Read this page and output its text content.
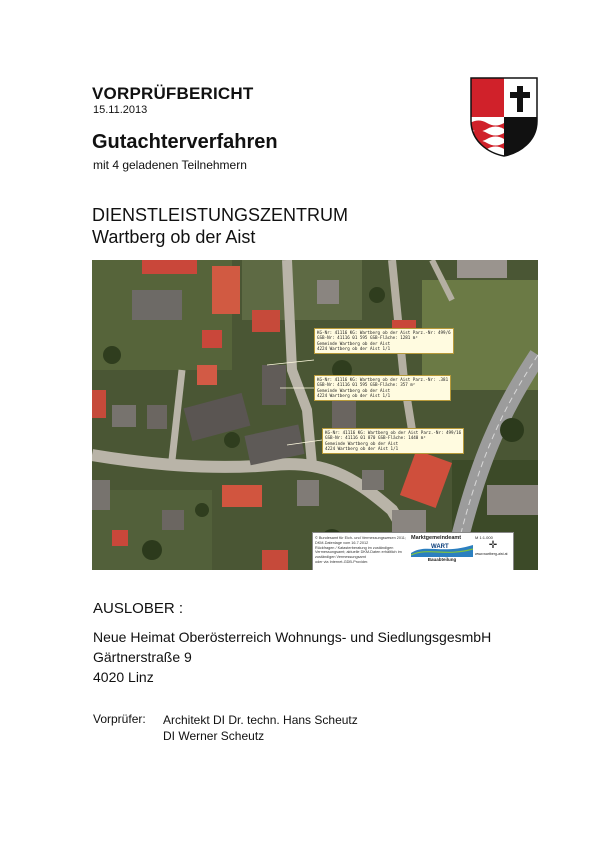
VORPRÜFBERICHT
15.11.2013
Gutachterverfahren
mit 4 geladenen Teilnehmern
DIENSTLEISTUNGSZENTRUM
Wartberg ob der Aist
KG-Nr: 41116 KG: Wartberg ob der Aist Parz.-Nr: 499/6
GSB-Nr: 41116 01 595 GSB-Fläche: 1281 m²
Gemeinde Wartberg ob der Aist
4224 Wartberg ob der Aist 1/1
KG-Nr: 41116 KG: Wartberg ob der Aist Parz.-Nr: .381
GSB-Nr: 41116 01 595 GSB-Fläche: 357 m²
Gemeinde Wartberg ob der Aist
4224 Wartberg ob der Aist 1/1
KG-Nr: 41116 KG: Wartberg ob der Aist Parz.-Nr: 499/16
GSB-Nr: 41116 01 870 GSB-Fläche: 1440 m²
Gemeinde Wartberg ob der Aist
4224 Wartberg ob der Aist 1/1
© Bundesamt für Eich- und Vermessungswesen 2011;
DKM-Datenlage vom 16.7.2012
Rückfragen / Katasterberatung im zuständigen
Vermessungsamt; aktuelle DKM-Daten erhältlich im
zuständigen Vermessungsamt
oder via Internet-GDB-Provider.
Marktgemeindeamt
WART
Bauabteilung
M 1:1.000
✛
www.wartberg-aist.at
AUSLOBER :
Neue Heimat Oberösterreich Wohnungs- und SiedlungsgesmbH
Gärtnerstraße 9
4020 Linz
Vorprüfer: Architekt DI Dr. techn. Hans Scheutz
DI Werner Scheutz
